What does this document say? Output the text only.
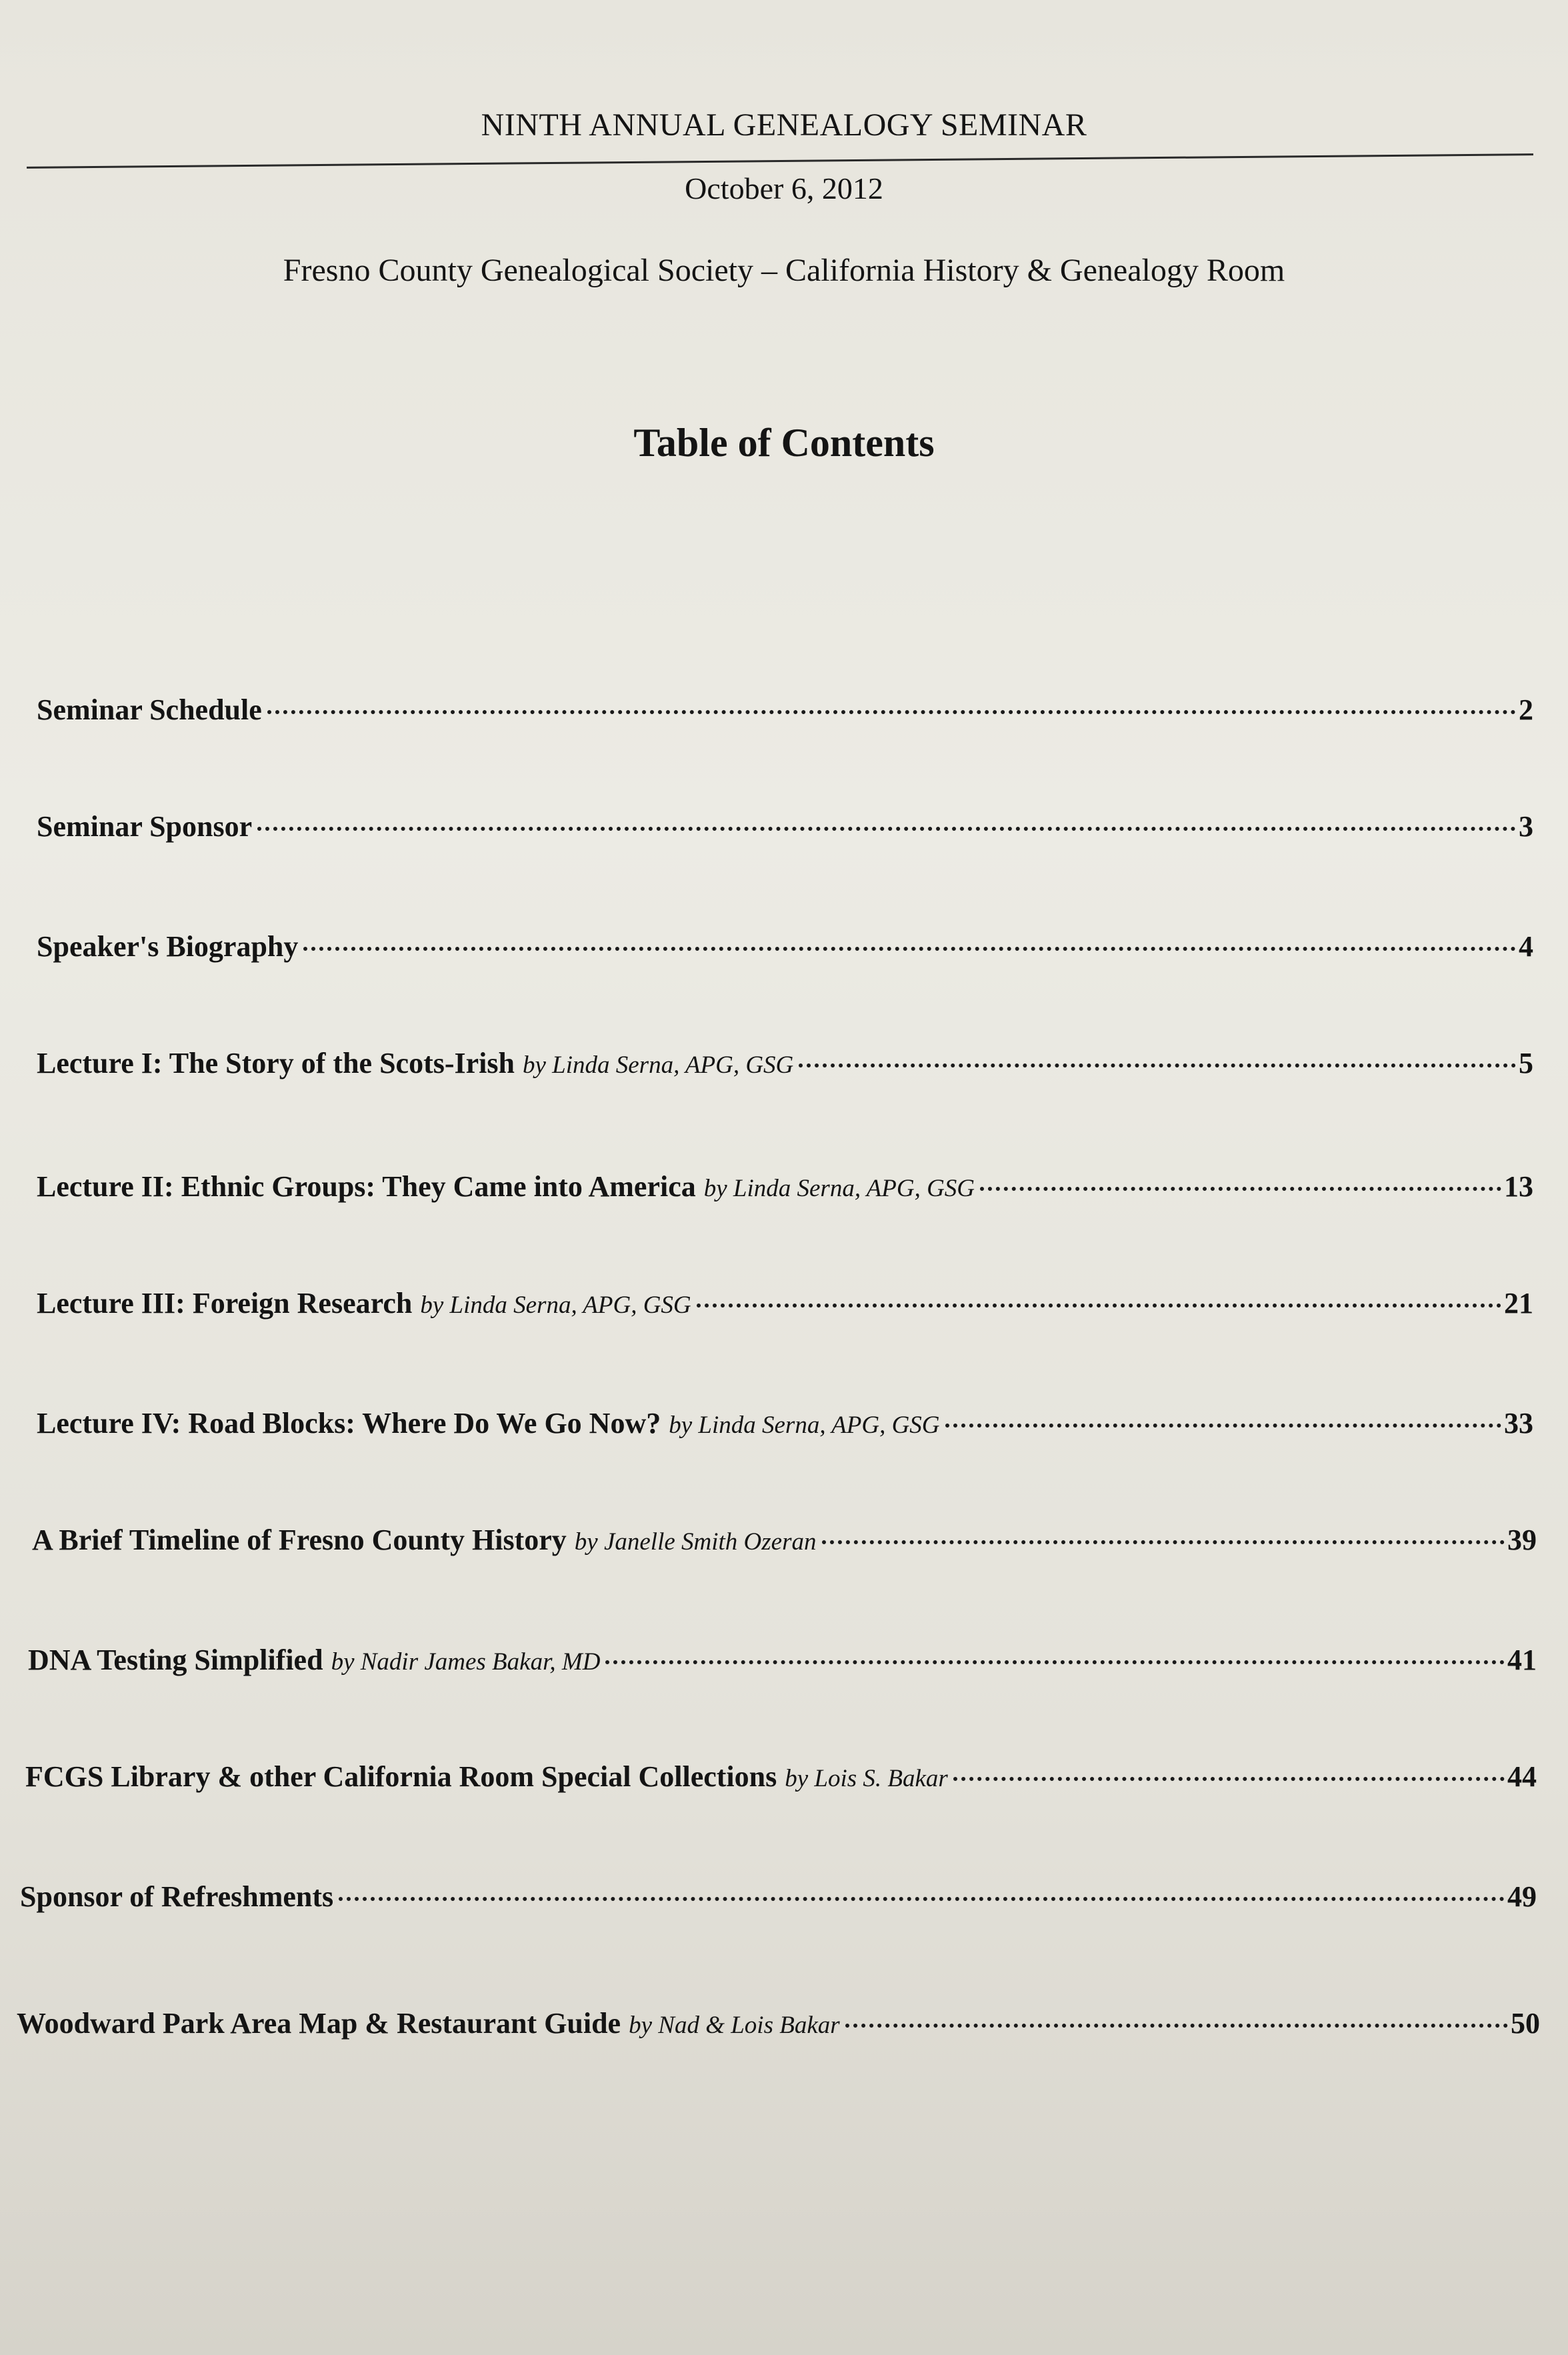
NINTH ANNUAL GENEALOGY SEMINAR
October 6, 2012
Fresno County Genealogical Society – California History & Genealogy Room
Table of Contents
Seminar Schedule	2
Seminar Sponsor	3
Speaker's Biography	4
Lecture I: The Story of the Scots-Irish by Linda Serna, APG, GSG	5
Lecture II: Ethnic Groups: They Came into America by Linda Serna, APG, GSG	13
Lecture III: Foreign Research by Linda Serna, APG, GSG	21
Lecture IV: Road Blocks: Where Do We Go Now? by Linda Serna, APG, GSG	33
A Brief Timeline of Fresno County History by Janelle Smith Ozeran	39
DNA Testing Simplified by Nadir James Bakar, MD	41
FCGS Library & other California Room Special Collections by Lois S. Bakar	44
Sponsor of Refreshments	49
Woodward Park Area Map & Restaurant Guide by Nad & Lois Bakar	50
